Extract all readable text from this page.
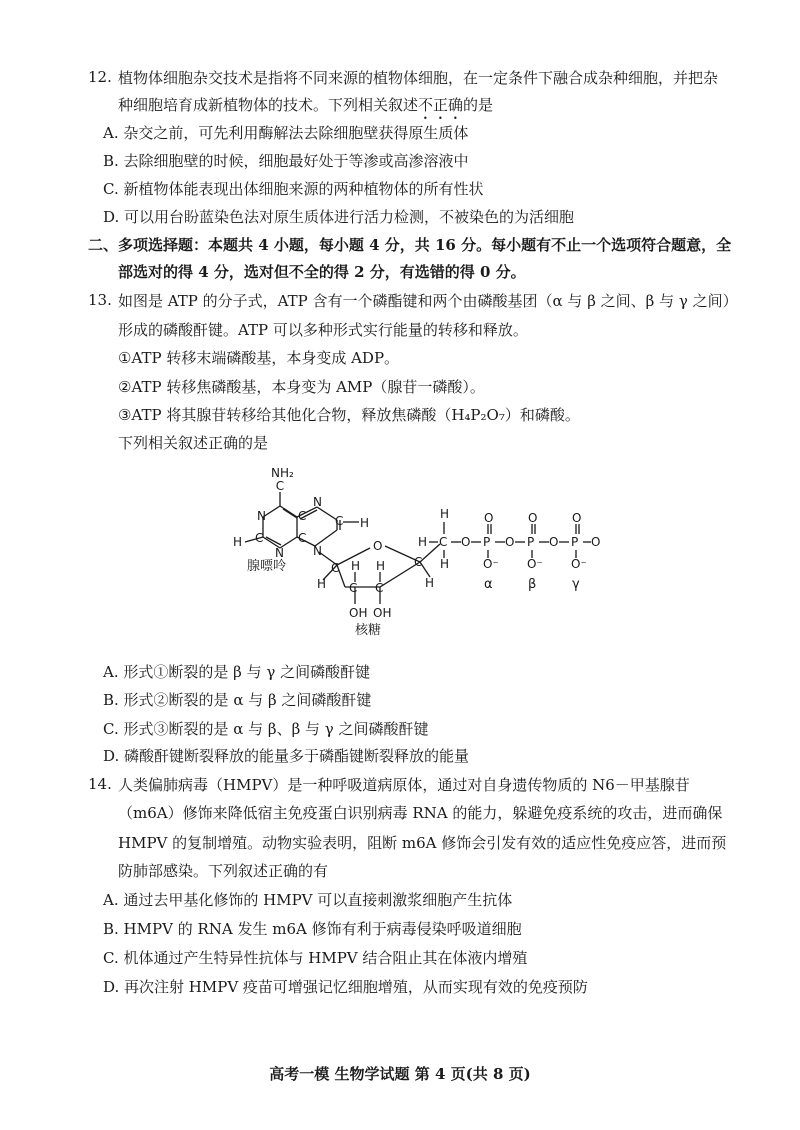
12. 植物体细胞杂交技术是指将不同来源的植物体细胞，在一定条件下融合成杂种细胞，并把杂
种细胞培育成新植物体的技术。下列相关叙述不正确的是
A. 杂交之前，可先利用酶解法去除细胞壁获得原生质体
B. 去除细胞壁的时候，细胞最好处于等渗或高渗溶液中
C. 新植物体能表现出体细胞来源的两种植物体的所有性状
D. 可以用台盼蓝染色法对原生质体进行活力检测，不被染色的为活细胞
二、多项选择题：本题共 4 小题，每小题 4 分，共 16 分。每小题有不止一个选项符合题意，全
部选对的得 4 分，选对但不全的得 2 分，有选错的得 0 分。
13. 如图是 ATP 的分子式，ATP 含有一个磷酯键和两个由磷酸基团（α 与 β 之间、β 与 γ 之间）
形成的磷酸酐键。ATP 可以多种形式实行能量的转移和释放。
①ATP 转移末端磷酸基，本身变成 ADP。
②ATP 转移焦磷酸基，本身变为 AMP（腺苷一磷酸）。
③ATP 将其腺苷转移给其他化合物，释放焦磷酸（H₄P₂O₇）和磷酸。
下列相关叙述正确的是
NH₂
C
N	C
N
C	C
N
H
C H
N	O
C H H
C C
H
OH OH
C
H
H
H C
H
O P
O
O⁻
O P
O
O⁻
O P
O
O⁻
O
腺嘌呤
核糖
α	β	γ
A. 形式①断裂的是 β 与 γ 之间磷酸酐键
B. 形式②断裂的是 α 与 β 之间磷酸酐键
C. 形式③断裂的是 α 与 β、β 与 γ 之间磷酸酐键
D. 磷酸酐键断裂释放的能量多于磷酯键断裂释放的能量
14. 人类偏肺病毒（HMPV）是一种呼吸道病原体，通过对自身遗传物质的 N6－甲基腺苷
（m6A）修饰来降低宿主免疫蛋白识别病毒 RNA 的能力，躲避免疫系统的攻击，进而确保
HMPV 的复制增殖。动物实验表明，阻断 m6A 修饰会引发有效的适应性免疫应答，进而预
防肺部感染。下列叙述正确的有
A. 通过去甲基化修饰的 HMPV 可以直接刺激浆细胞产生抗体
B. HMPV 的 RNA 发生 m6A 修饰有利于病毒侵染呼吸道细胞
C. 机体通过产生特异性抗体与 HMPV 结合阻止其在体液内增殖
D. 再次注射 HMPV 疫苗可增强记忆细胞增殖，从而实现有效的免疫预防
高考一模 生物学试题 第 4 页(共 8 页)
